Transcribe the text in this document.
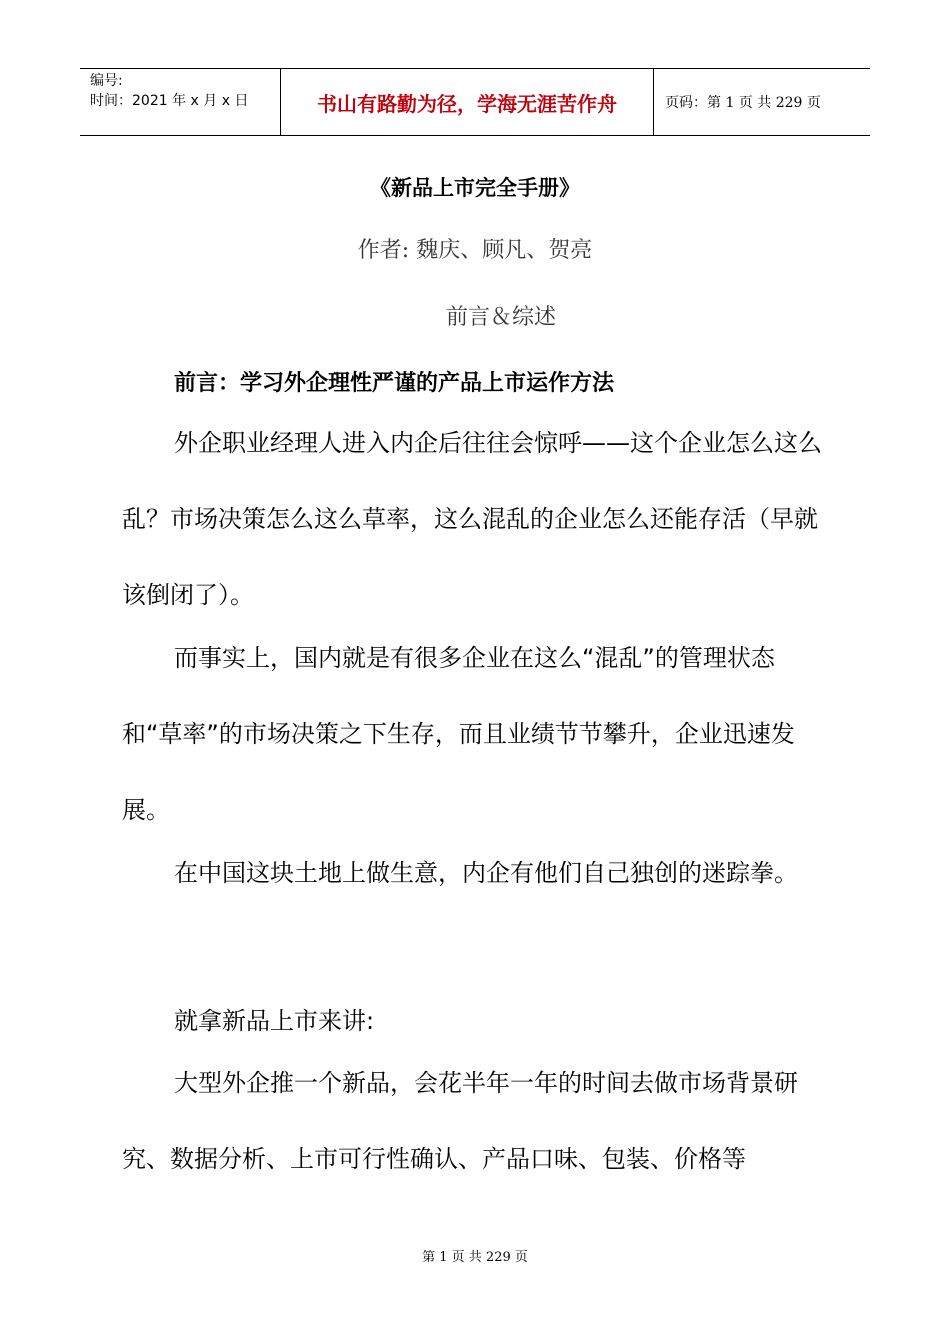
编号:
时间：2021 年 x 月 x 日	书山有路勤为径，学海无涯苦作舟	页码：第 1 页 共 229 页
《新品上市完全手册》
作者: 魏庆、顾凡、贺亮
前言＆综述
前言：学习外企理性严谨的产品上市运作方法

外企职业经理人进入内企后往往会惊呼——这个企业怎么这么乱？市场决策怎么这么草率，这么混乱的企业怎么还能存活（早就该倒闭了）。

而事实上，国内就是有很多企业在这么“混乱”的管理状态和“草率”的市场决策之下生存，而且业绩节节攀升，企业迅速发展。

在中国这块土地上做生意，内企有他们自己独创的迷踪拳。

就拿新品上市来讲:

大型外企推一个新品，会花半年一年的时间去做市场背景研究、数据分析、上市可行性确认、产品口味、包装、价格等

第 1 页 共 229 页
